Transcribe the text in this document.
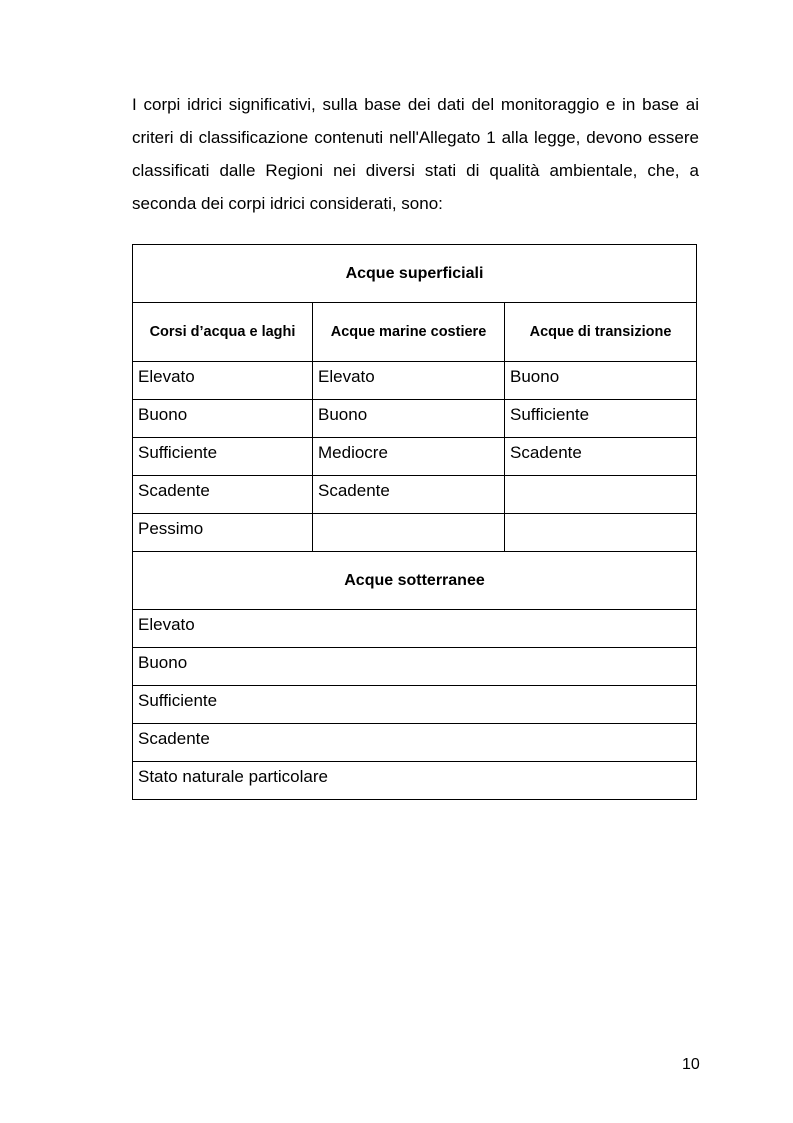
I corpi idrici significativi, sulla base dei dati del monitoraggio e in base ai criteri di classificazione contenuti nell'Allegato 1 alla legge, devono essere classificati dalle Regioni nei diversi stati di qualità ambientale, che, a seconda dei corpi idrici considerati, sono:

Acque superficiali		
Corsi d’acqua e laghi	Acque marine costiere	Acque di transizione
Elevato	Elevato	Buono
Buono	Buono	Sufficiente
Sufficiente	Mediocre	Scadente
Scadente	Scadente	
Pessimo		
Acque sotterranee		
Elevato		
Buono		
Sufficiente		
Scadente		
Stato naturale particolare		
10
